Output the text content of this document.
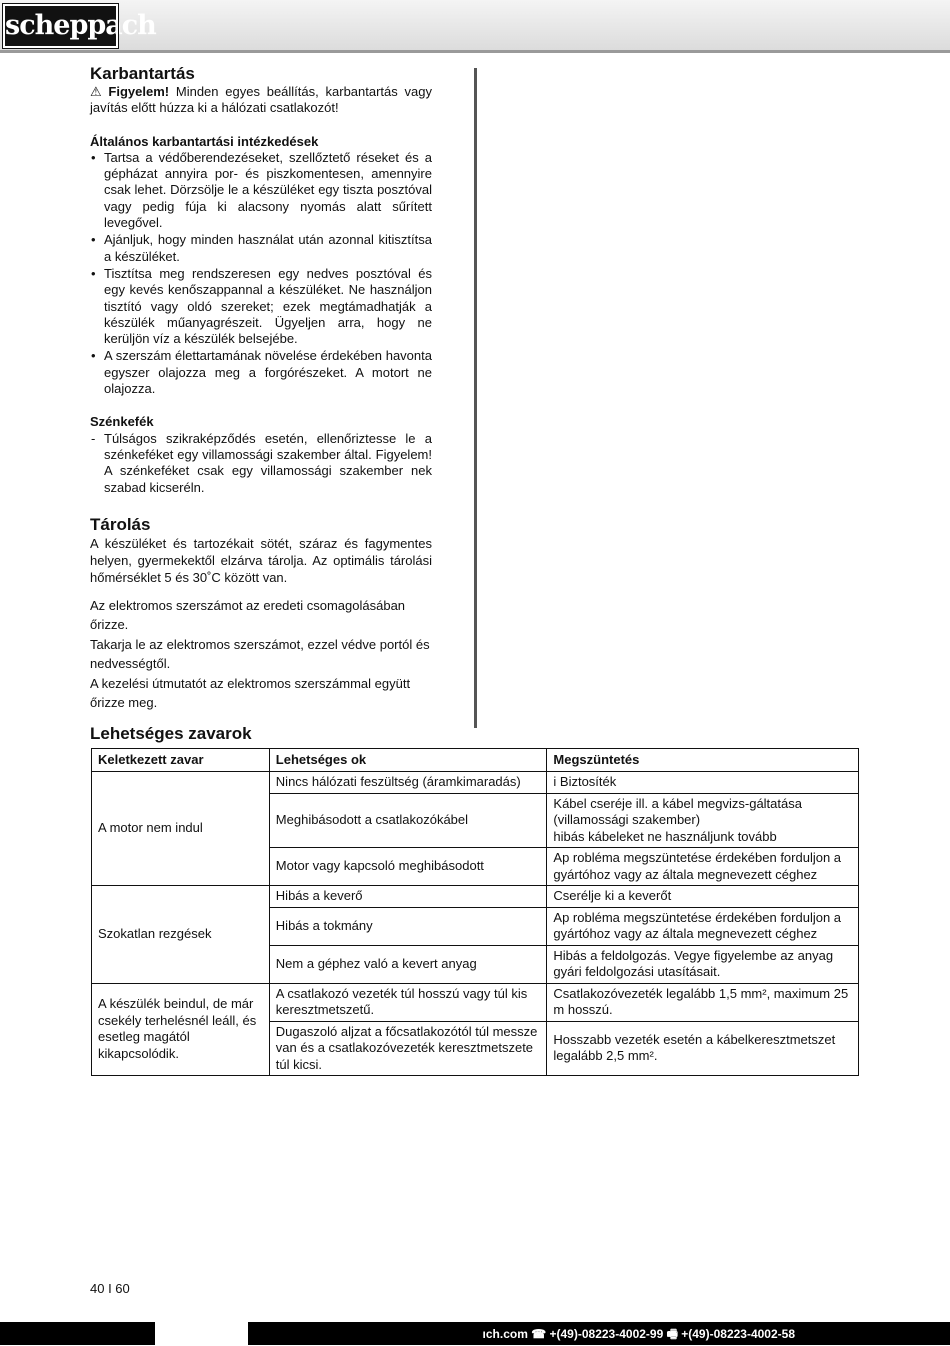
scheppach
Karbantartás

⚠ Figyelem! Minden egyes beállítás, karbantartás vagy javítás előtt húzza ki a hálózati csatlakozót!

Általános karbantartási intézkedések

• Tartsa a védőberendezéseket, szellőztető réseket és a gépházat annyira por- és piszkomentesen, amennyire csak lehet. Dörzsölje le a készüléket egy tiszta posztóval vagy pedig fúja ki alacsony nyomás alatt sűrített levegővel.
• Ajánljuk, hogy minden használat után azonnal kitisztítsa a készüléket.
• Tisztítsa meg rendszeresen egy nedves posztóval és egy kevés kenőszappannal a készüléket. Ne használjon tisztító vagy oldó szereket; ezek megtámadhatják a készülék műanyagrészeit. Ügyeljen arra, hogy ne kerüljön víz a készülék belsejébe.
• A szerszám élettartamának növelése érdekében havonta egyszer olajozza meg a forgórészeket. A motort ne olajozza.

Szénkefék

- Túlságos szikraképződés esetén, ellenőriztesse le a szénkeféket egy villamossági szakember által. Figyelem! A szénkeféket csak egy villamossági szakember nek szabad kicseréln.
Tárolás

A készüléket és tartozékait sötét, száraz és fagymentes helyen, gyermekektől elzárva tárolja. Az optimális tárolási hőmérséklet 5 és 30˚C között van.

Az elektromos szerszámot az eredeti csomagolásában őrizze.

Takarja le az elektromos szerszámot, ezzel védve portól és nedvességtől.

A kezelési útmutatót az elektromos szerszámmal együtt őrizze meg.

Lehetséges zavarok
Keletkezett zavar	Lehetséges ok	Megszüntetés
A motor nem indul	Nincs hálózati feszültség (áramkimaradás)	i Biztosíték
	Meghibásodott a csatlakozókábel	Kábel cseréje ill. a kábel megvizs-gáltatása (villamossági szakember)
hibás kábeleket ne használjunk tovább
	Motor vagy kapcsoló meghibásodott	Ap robléma megszüntetése érdekében forduljon a gyártóhoz vagy az általa megnevezett céghez
Szokatlan rezgések	Hibás a keverő	Cserélje ki a keverőt
	Hibás a tokmány	Ap robléma megszüntetése érdekében forduljon a gyártóhoz vagy az általa megnevezett céghez
	Nem a géphez való a kevert anyag	Hibás a feldolgozás. Vegye figyelembe az anyag gyári feldolgozási utasításait.
A készülék beindul, de már csekély terhelésnél leáll, és esetleg magától kikapcsolódik.	A csatlakozó vezeték túl hosszú vagy túl kis keresztmetszetű.	Csatlakozóvezeték legalább 1,5 mm², maximum 25 m hosszú.
	Dugaszoló aljzat a főcsatlakozótól túl messze van és a csatlakozóvezeték keresztmetszete túl kicsi.	Hosszabb vezeték esetén a kábelkeresztmetszet legalább 2,5 mm².
40 I 60
ıch.com ☎ +(49)-08223-4002-99 🖷 +(49)-08223-4002-58
